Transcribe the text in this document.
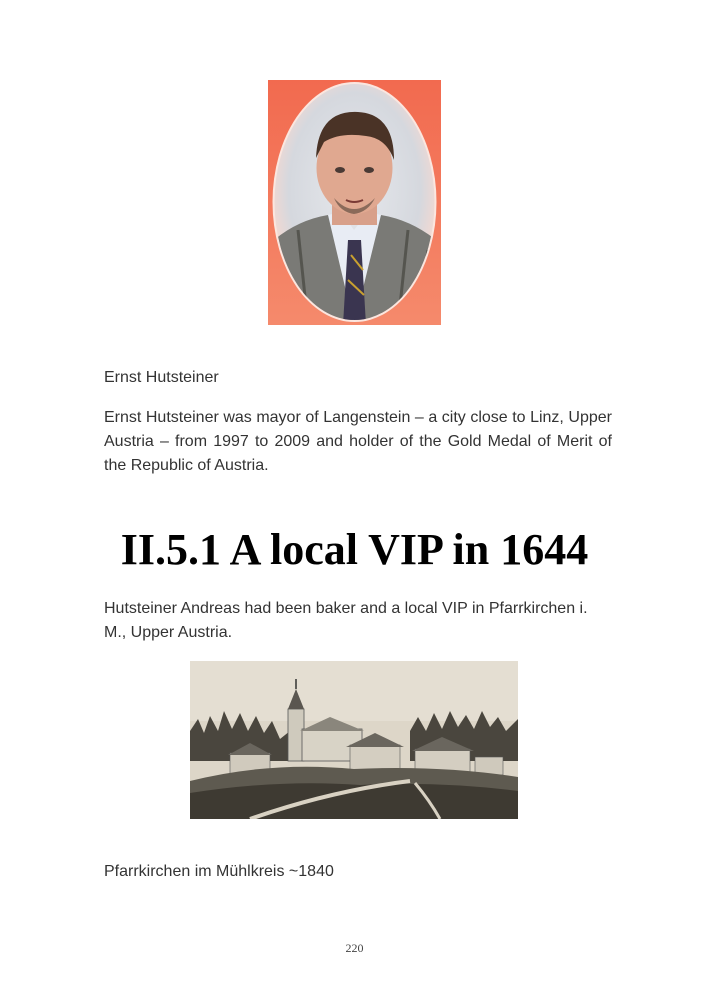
Ernst Hutsteiner

Ernst Hutsteiner was mayor of Langenstein – a city close to Linz, Upper Austria – from 1997 to 2009 and holder of the Gold Medal of Merit of the Republic of Austria.

II.5.1 A local VIP in 1644

Hutsteiner Andreas had been baker and a local VIP in Pfarrkirchen i. M., Upper Austria.

Pfarrkirchen im Mühlkreis ~1840

220
